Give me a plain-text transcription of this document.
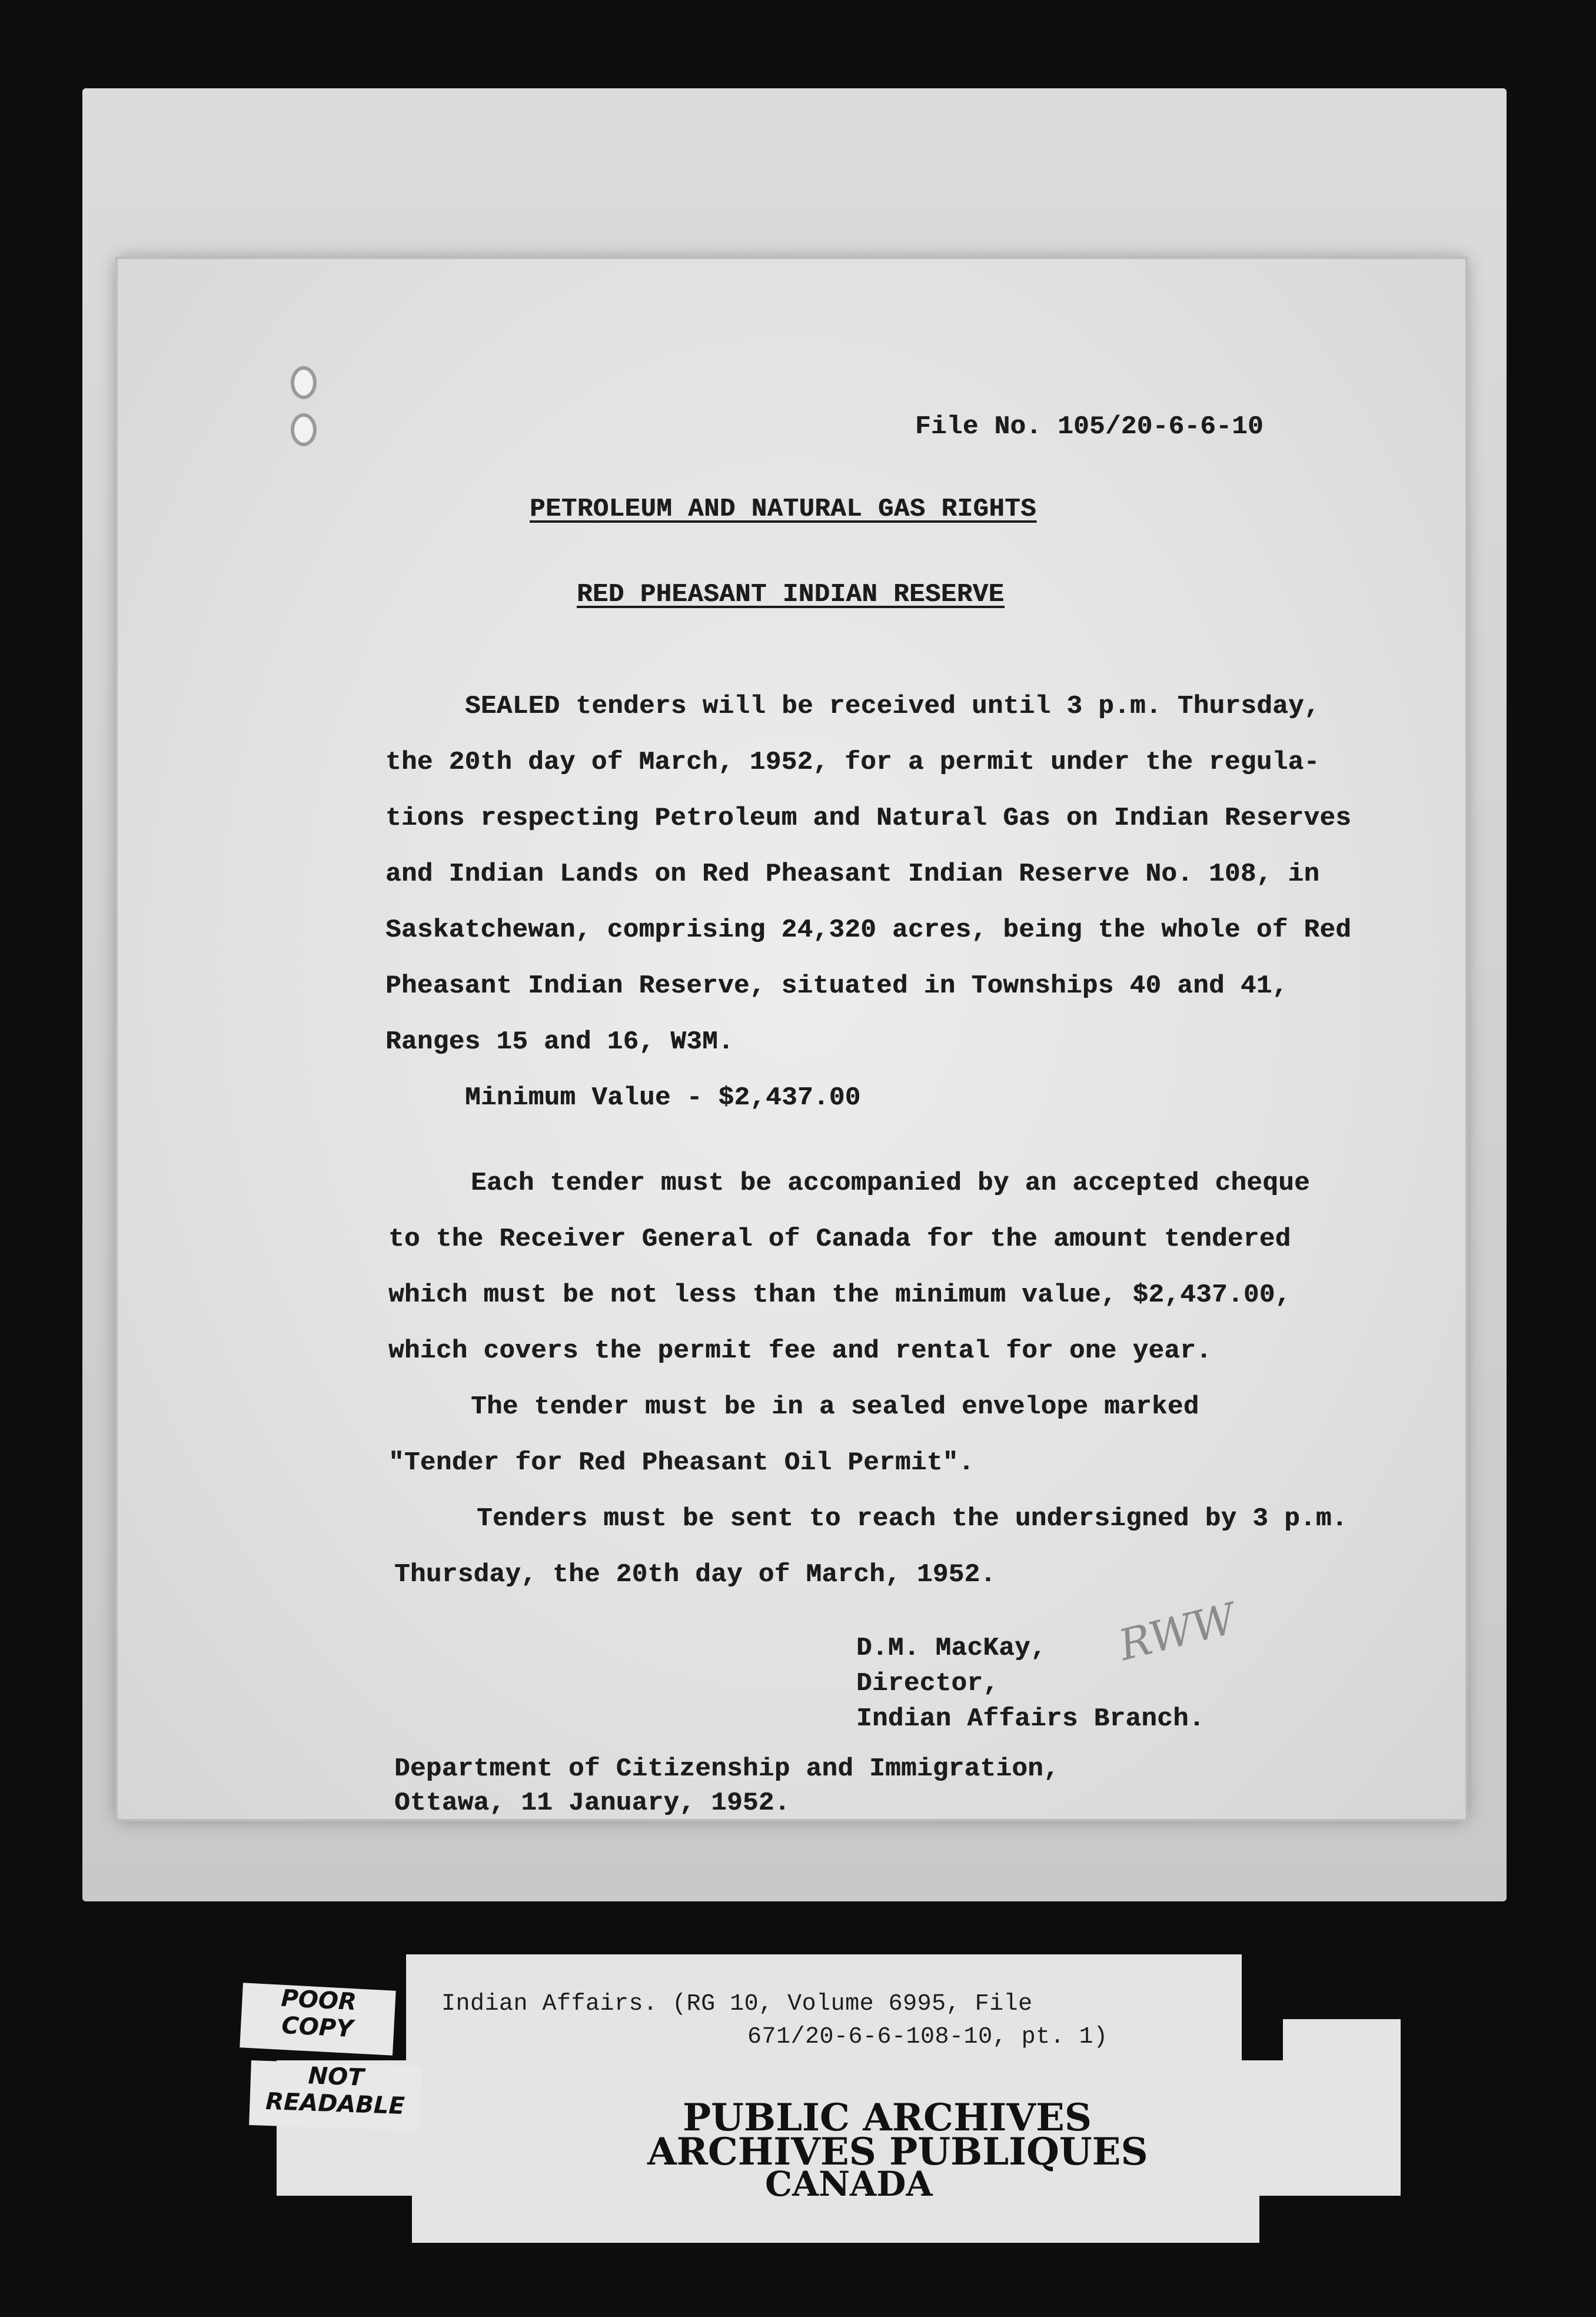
File No. 105/20-6-6-10
PETROLEUM AND NATURAL GAS RIGHTS
RED PHEASANT INDIAN RESERVE
SEALED tenders will be received until 3 p.m. Thursday,
the 20th day of March, 1952, for a permit under the regula-
tions respecting Petroleum and Natural Gas on Indian Reserves
and Indian Lands on Red Pheasant Indian Reserve No. 108, in
Saskatchewan, comprising 24,320 acres, being the whole of Red
Pheasant Indian Reserve, situated in Townships 40 and 41,
Ranges 15 and 16, W3M.
Minimum Value - $2,437.00
Each tender must be accompanied by an accepted cheque
to the Receiver General of Canada for the amount tendered
which must be not less than the minimum value, $2,437.00,
which covers the permit fee and rental for one year.
The tender must be in a sealed envelope marked
"Tender for Red Pheasant Oil Permit".
Tenders must be sent to reach the undersigned by 3 p.m.
Thursday, the 20th day of March, 1952.
RWW
D.M. MacKay,
Director,
Indian Affairs Branch.
Department of Citizenship and Immigration,
Ottawa, 11 January, 1952.
Indian Affairs. (RG 10, Volume 6995, File
671/20-6-6-108-10, pt. 1)
PUBLIC ARCHIVES
ARCHIVES PUBLIQUES
CANADA
POOR
COPY
NOT
READABLE
